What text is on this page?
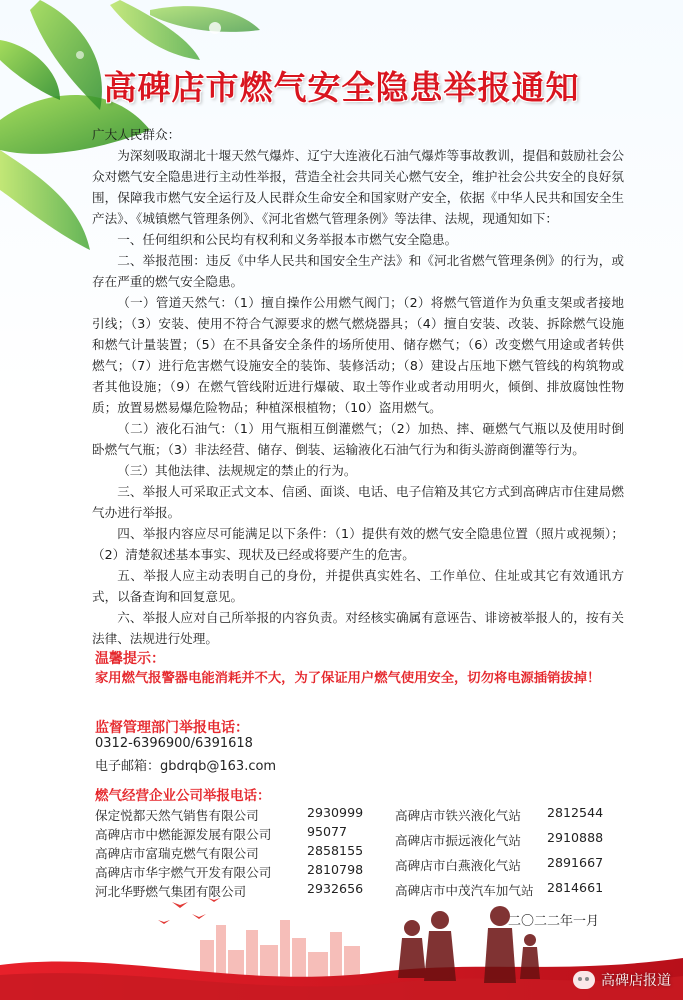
高碑店市燃气安全隐患举报通知

广大人民群众：

为深刻吸取湖北十堰天然气爆炸、辽宁大连液化石油气爆炸等事故教训，提倡和鼓励社会公众对燃气安全隐患进行主动性举报，营造全社会共同关心燃气安全，维护社会公共安全的良好氛围，保障我市燃气安全运行及人民群众生命安全和国家财产安全，依据《中华人民共和国安全生产法》、《城镇燃气管理条例》、《河北省燃气管理条例》等法律、法规，现通知如下：

一、任何组织和公民均有权利和义务举报本市燃气安全隐患。

二、举报范围：违反《中华人民共和国安全生产法》和《河北省燃气管理条例》的行为，或存在严重的燃气安全隐患。

（一）管道天然气：（1）擅自操作公用燃气阀门；（2）将燃气管道作为负重支架或者接地引线；（3）安装、使用不符合气源要求的燃气燃烧器具；（4）擅自安装、改装、拆除燃气设施和燃气计量装置；（5）在不具备安全条件的场所使用、储存燃气；（6）改变燃气用途或者转供燃气；（7）进行危害燃气设施安全的装饰、装修活动；（8）建设占压地下燃气管线的构筑物或者其他设施；（9）在燃气管线附近进行爆破、取土等作业或者动用明火，倾倒、排放腐蚀性物质；放置易燃易爆危险物品；种植深根植物；（10）盗用燃气。

（二）液化石油气：（1）用气瓶相互倒灌燃气；（2）加热、摔、砸燃气气瓶以及使用时倒卧燃气气瓶；（3）非法经营、储存、倒装、运输液化石油气行为和街头游商倒灌等行为。

（三）其他法律、法规规定的禁止的行为。

三、举报人可采取正式文本、信函、面谈、电话、电子信箱及其它方式到高碑店市住建局燃气办进行举报。

四、举报内容应尽可能满足以下条件：（1）提供有效的燃气安全隐患位置（照片或视频）；（2）清楚叙述基本事实、现状及已经或将要产生的危害。

五、举报人应主动表明自己的身份，并提供真实姓名、工作单位、住址或其它有效通讯方式，以备查询和回复意见。

六、举报人应对自己所举报的内容负责。对经核实确属有意诬告、诽谤被举报人的，按有关法律、法规进行处理。

温馨提示：
家用燃气报警器电能消耗并不大，为了保证用户燃气使用安全，切勿将电源插销拔掉！
监督管理部门举报电话：
0312-6396900/6391618
电子邮箱：gbdrqb@163.com
燃气经营企业公司举报电话：
保定悦都天然气销售有限公司	2930999
高碑店市中燃能源发展有限公司	95077
高碑店市富瑞克燃气有限公司	2858155
高碑店市华宇燃气开发有限公司	2810798
河北华野燃气集团有限公司	2932656
高碑店市铁兴液化气站 2812544
高碑店市振远液化气站 2910888
高碑店市白燕液化气站 2891667
高碑店市中茂汽车加气站 2814661
二〇二二年一月
高碑店报道
